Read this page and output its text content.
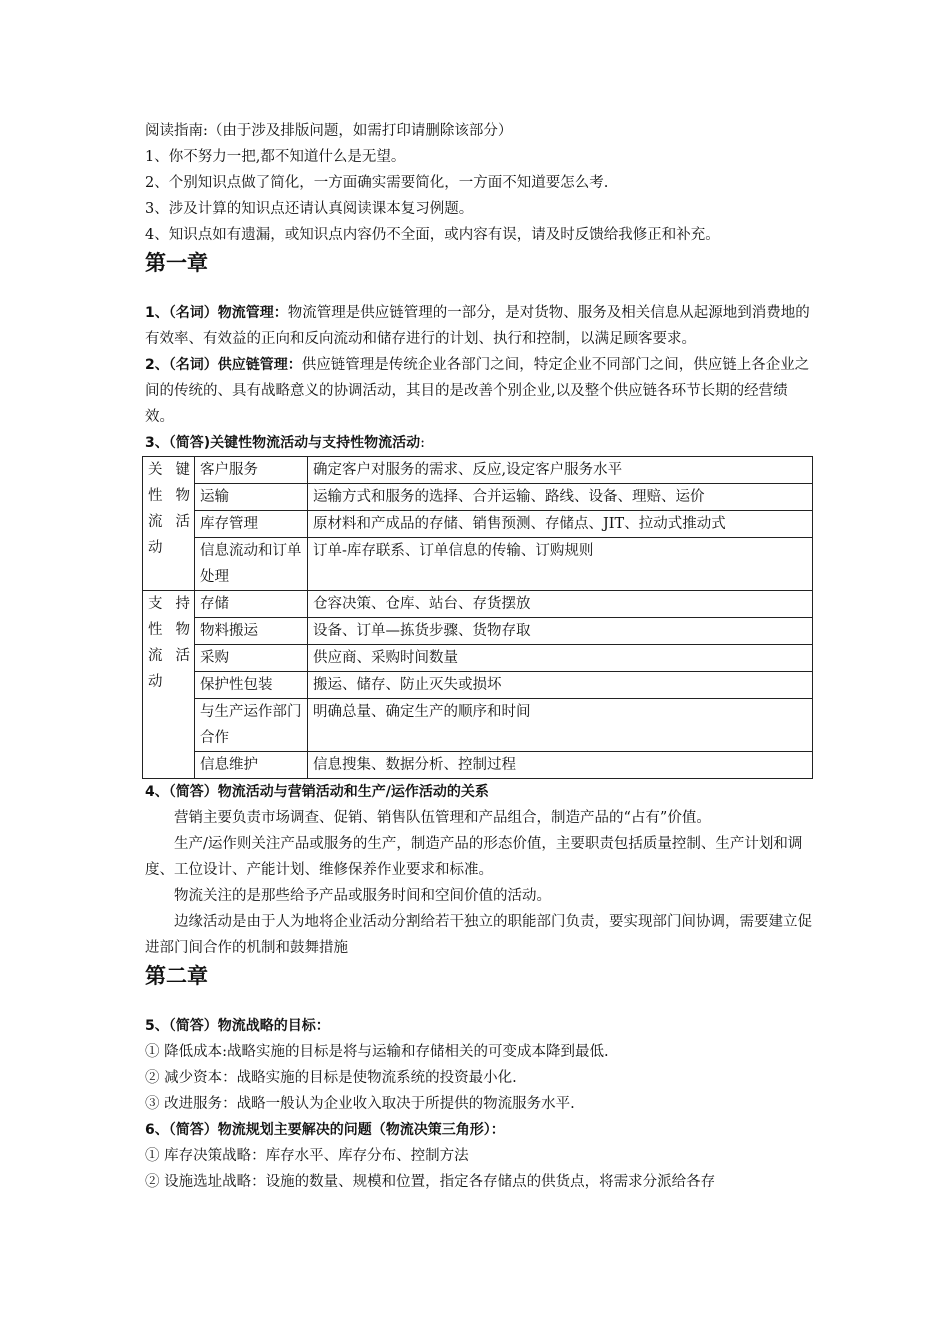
阅读指南:（由于涉及排版问题，如需打印请删除该部分）
1、你不努力一把,都不知道什么是无望。
2、个别知识点做了简化，一方面确实需要简化，一方面不知道要怎么考.
3、涉及计算的知识点还请认真阅读课本复习例题。
4、知识点如有遗漏，或知识点内容仍不全面，或内容有误，请及时反馈给我修正和补充。
第一章
1、（名词）物流管理：物流管理是供应链管理的一部分，是对货物、服务及相关信息从起源地到消费地的有效率、有效益的正向和反向流动和储存进行的计划、执行和控制，以满足顾客要求。
2、（名词）供应链管理：供应链管理是传统企业各部门之间，特定企业不同部门之间，供应链上各企业之间的传统的、具有战略意义的协调活动，其目的是改善个别企业,以及整个供应链各环节长期的经营绩效。
3、（简答)关键性物流活动与支持性物流活动:
关键性物流活动	客户服务	确定客户对服务的需求、反应,设定客户服务水平
	运输	运输方式和服务的选择、合并运输、路线、设备、理赔、运价
	库存管理	原材料和产成品的存储、销售预测、存储点、JIT、拉动式推动式
	信息流动和订单处理	订单-库存联系、订单信息的传输、订购规则
支持性物流活动	存储	仓容决策、仓库、站台、存货摆放
	物料搬运	设备、订单—拣货步骤、货物存取
	采购	供应商、采购时间数量
	保护性包装	搬运、储存、防止灭失或损坏
	与生产运作部门合作	明确总量、确定生产的顺序和时间
	信息维护	信息搜集、数据分析、控制过程
4、（简答）物流活动与营销活动和生产/运作活动的关系
营销主要负责市场调查、促销、销售队伍管理和产品组合，制造产品的“占有”价值。
生产/运作则关注产品或服务的生产，制造产品的形态价值，主要职责包括质量控制、生产计划和调度、工位设计、产能计划、维修保养作业要求和标准。
物流关注的是那些给予产品或服务时间和空间价值的活动。
边缘活动是由于人为地将企业活动分割给若干独立的职能部门负责，要实现部门间协调，需要建立促进部门间合作的机制和鼓舞措施
第二章
5、（简答）物流战略的目标：
① 降低成本:战略实施的目标是将与运输和存储相关的可变成本降到最低.
② 减少资本：战略实施的目标是使物流系统的投资最小化.
③ 改进服务：战略一般认为企业收入取决于所提供的物流服务水平.
6、（简答）物流规划主要解决的问题（物流决策三角形）：
① 库存决策战略：库存水平、库存分布、控制方法
② 设施选址战略：设施的数量、规模和位置，指定各存储点的供货点，将需求分派给各存
